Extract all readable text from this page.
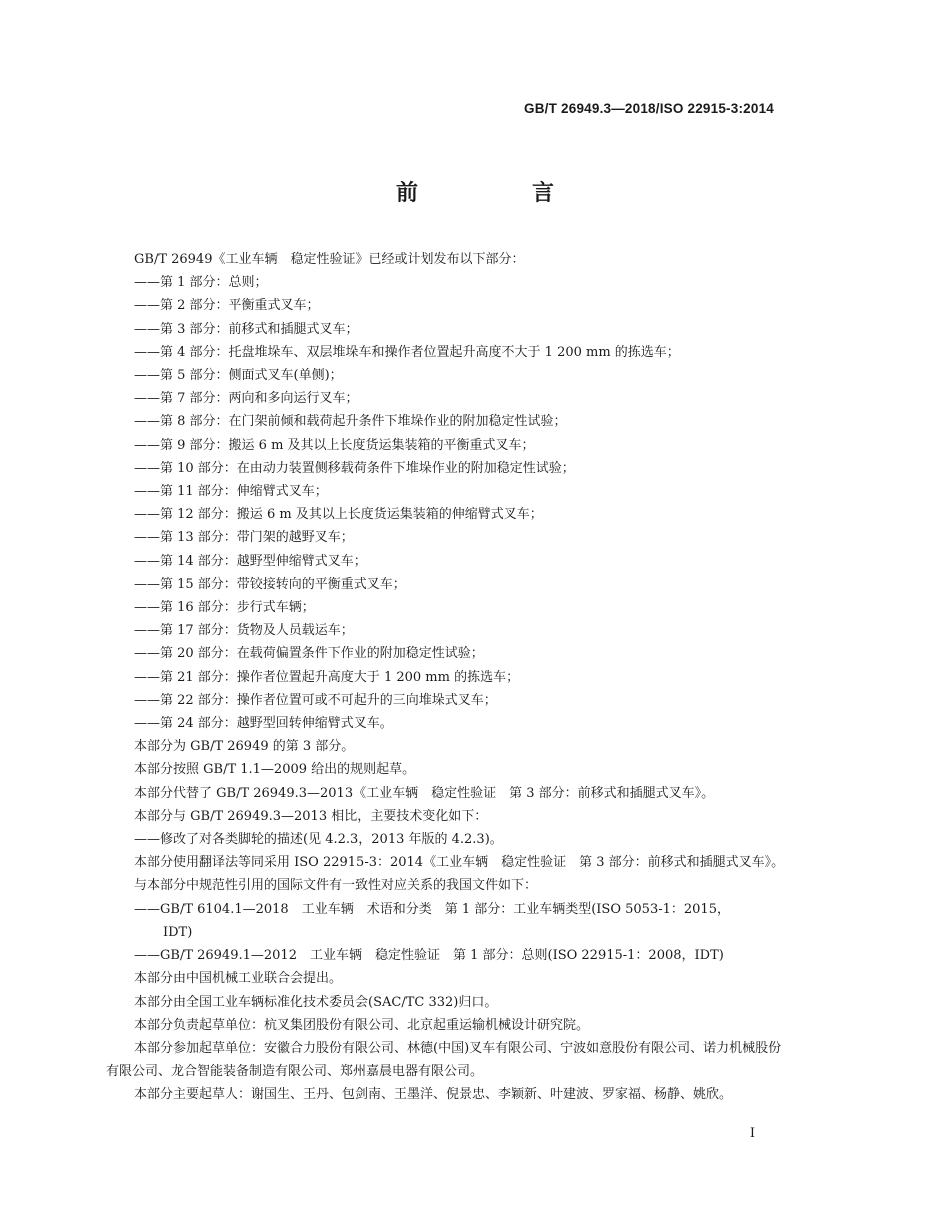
GB/T 26949.3—2018/ISO 22915-3:2014
前　言

GB/T 26949《工业车辆　稳定性验证》已经或计划发布以下部分：

——第 1 部分：总则；

——第 2 部分：平衡重式叉车；

——第 3 部分：前移式和插腿式叉车；

——第 4 部分：托盘堆垛车、双层堆垛车和操作者位置起升高度不大于 1 200 mm 的拣选车；

——第 5 部分：侧面式叉车(单侧)；

——第 7 部分：两向和多向运行叉车；

——第 8 部分：在门架前倾和载荷起升条件下堆垛作业的附加稳定性试验；

——第 9 部分：搬运 6 m 及其以上长度货运集装箱的平衡重式叉车；

——第 10 部分：在由动力装置侧移载荷条件下堆垛作业的附加稳定性试验；

——第 11 部分：伸缩臂式叉车；

——第 12 部分：搬运 6 m 及其以上长度货运集装箱的伸缩臂式叉车；

——第 13 部分：带门架的越野叉车；

——第 14 部分：越野型伸缩臂式叉车；

——第 15 部分：带铰接转向的平衡重式叉车；

——第 16 部分：步行式车辆；

——第 17 部分：货物及人员载运车；

——第 20 部分：在载荷偏置条件下作业的附加稳定性试验；

——第 21 部分：操作者位置起升高度大于 1 200 mm 的拣选车；

——第 22 部分：操作者位置可或不可起升的三向堆垛式叉车；

——第 24 部分：越野型回转伸缩臂式叉车。

本部分为 GB/T 26949 的第 3 部分。

本部分按照 GB/T 1.1—2009 给出的规则起草。

本部分代替了 GB/T 26949.3—2013《工业车辆　稳定性验证　第 3 部分：前移式和插腿式叉车》。

本部分与 GB/T 26949.3—2013 相比，主要技术变化如下：

——修改了对各类脚轮的描述(见 4.2.3，2013 年版的 4.2.3)。

本部分使用翻译法等同采用 ISO 22915-3：2014《工业车辆　稳定性验证　第 3 部分：前移式和插腿式叉车》。

与本部分中规范性引用的国际文件有一致性对应关系的我国文件如下：

——GB/T 6104.1—2018　工业车辆　术语和分类　第 1 部分：工业车辆类型(ISO 5053-1：2015，

IDT)

——GB/T 26949.1—2012　工业车辆　稳定性验证　第 1 部分：总则(ISO 22915-1：2008，IDT)

本部分由中国机械工业联合会提出。

本部分由全国工业车辆标准化技术委员会(SAC/TC 332)归口。

本部分负责起草单位：杭叉集团股份有限公司、北京起重运输机械设计研究院。

本部分参加起草单位：安徽合力股份有限公司、林德(中国)叉车有限公司、宁波如意股份有限公司、诺力机械股份有限公司、龙合智能装备制造有限公司、郑州嘉晨电器有限公司。

本部分主要起草人：谢国生、王丹、包剑南、王墨洋、倪景忠、李颖新、叶建波、罗家福、杨静、姚欣。

I
